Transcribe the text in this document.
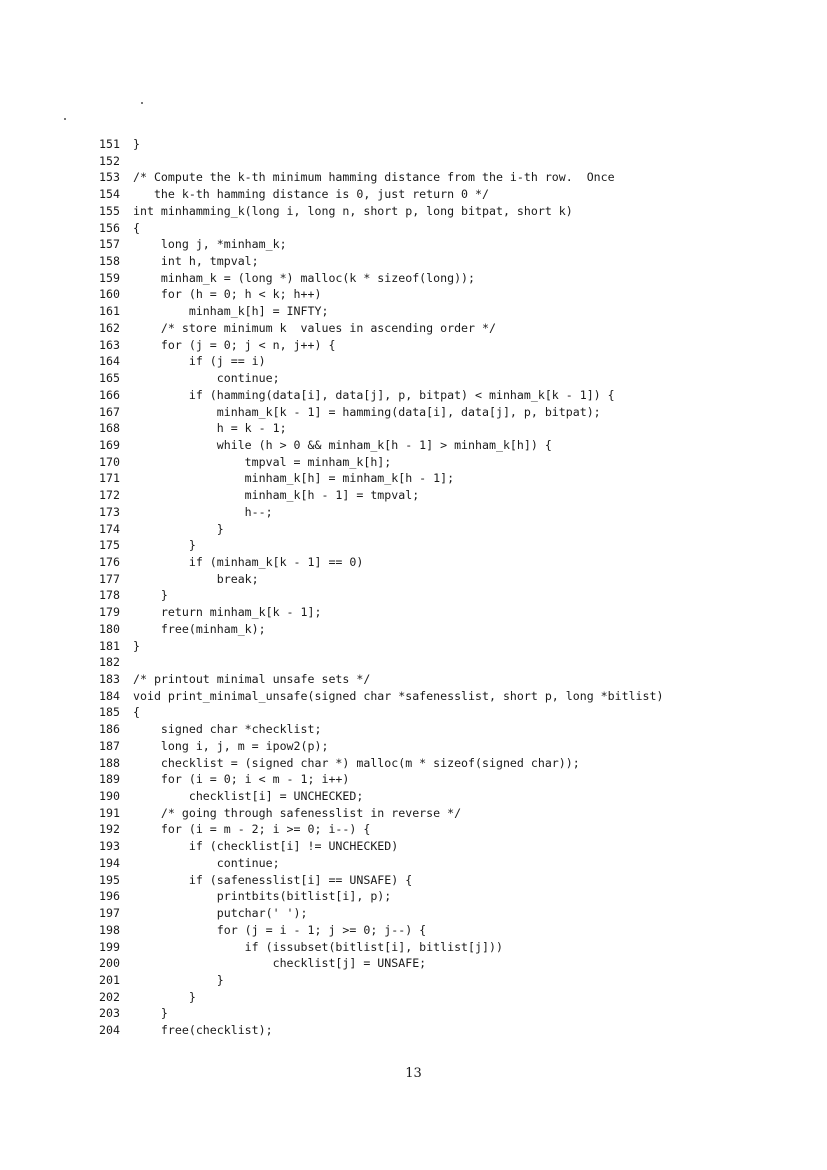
151 }
152
153 /* Compute the k-th minimum hamming distance from the i-th row.  Once
154 the k-th hamming distance is 0, just return 0 */
155 int minhamming_k(long i, long n, short p, long bitpat, short k)
156 {
157 long j, *minham_k;
158 int h, tmpval;
159 minham_k = (long *) malloc(k * sizeof(long));
160 for (h = 0; h < k; h++)
161 minham_k[h] = INFTY;
162 /* store minimum k  values in ascending order */
163 for (j = 0; j < n, j++) {
164 if (j == i)
165 continue;
166 if (hamming(data[i], data[j], p, bitpat) < minham_k[k - 1]) {
167 minham_k[k - 1] = hamming(data[i], data[j], p, bitpat);
168 h = k - 1;
169 while (h > 0 && minham_k[h - 1] > minham_k[h]) {
170 tmpval = minham_k[h];
171 minham_k[h] = minham_k[h - 1];
172 minham_k[h - 1] = tmpval;
173 h--;
174 }
175 }
176 if (minham_k[k - 1] == 0)
177 break;
178 }
179 return minham_k[k - 1];
180 free(minham_k);
181 }
182
183 /* printout minimal unsafe sets */
184 void print_minimal_unsafe(signed char *safenesslist, short p, long *bitlist)
185 {
186 signed char *checklist;
187 long i, j, m = ipow2(p);
188 checklist = (signed char *) malloc(m * sizeof(signed char));
189 for (i = 0; i < m - 1; i++)
190 checklist[i] = UNCHECKED;
191 /* going through safenesslist in reverse */
192 for (i = m - 2; i >= 0; i--) {
193 if (checklist[i] != UNCHECKED)
194 continue;
195 if (safenesslist[i] == UNSAFE) {
196 printbits(bitlist[i], p);
197 putchar(' ');
198 for (j = i - 1; j >= 0; j--) {
199 if (issubset(bitlist[i], bitlist[j]))
200 checklist[j] = UNSAFE;
201 }
202 }
203 }
204 free(checklist);
13
